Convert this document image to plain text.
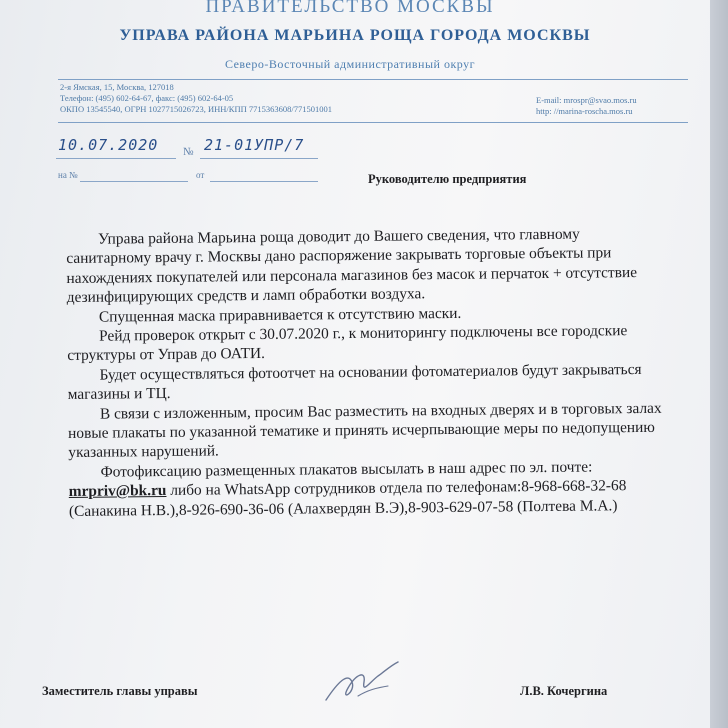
ПРАВИТЕЛЬСТВО МОСКВЫ
УПРАВА РАЙОНА МАРЬИНА РОЩА ГОРОДА МОСКВЫ
Северо-Восточный административный округ
2-я Ямская, 15, Москва, 127018
Телефон: (495) 602-64-67, факс: (495) 602-64-05
ОКПО 13545540, ОГРН 1027715026723, ИНН/КПП 7715363608/771501001
E-mail: mrospr@svao.mos.ru
http: //marina-roscha.mos.ru
10.07.2020 № 21-01УПР/7
на №	от	Руководителю предприятия

Управа района Марьина роща доводит до Вашего сведения, что главному санитарному врачу г. Москвы дано распоряжение закрывать торговые объекты при нахождениях покупателей или персонала магазинов без масок и перчаток + отсутствие дезинфицирующих средств и ламп обработки воздуха.

Спущенная маска приравнивается к отсутствию маски.

Рейд проверок открыт с 30.07.2020 г., к мониторингу подключены все городские структуры от Управ до ОАТИ.

Будет осуществляться фотоотчет на основании фотоматериалов будут закрываться магазины и ТЦ.

В связи с изложенным, просим Вас разместить на входных дверях и в торговых залах новые плакаты по указанной тематике и принять исчерпывающие меры по недопущению указанных нарушений.

Фотофиксацию размещенных плакатов высылать в наш адрес по эл. почте: mrpriv@bk.ru либо на WhatsApp сотрудников отдела по телефонам:8-968-668-32-68 (Санакина Н.В.),8-926-690-36-06 (Алахвердян В.Э),8-903-629-07-58 (Полтева М.А.)

Заместитель главы управы	Л.В. Кочергина
